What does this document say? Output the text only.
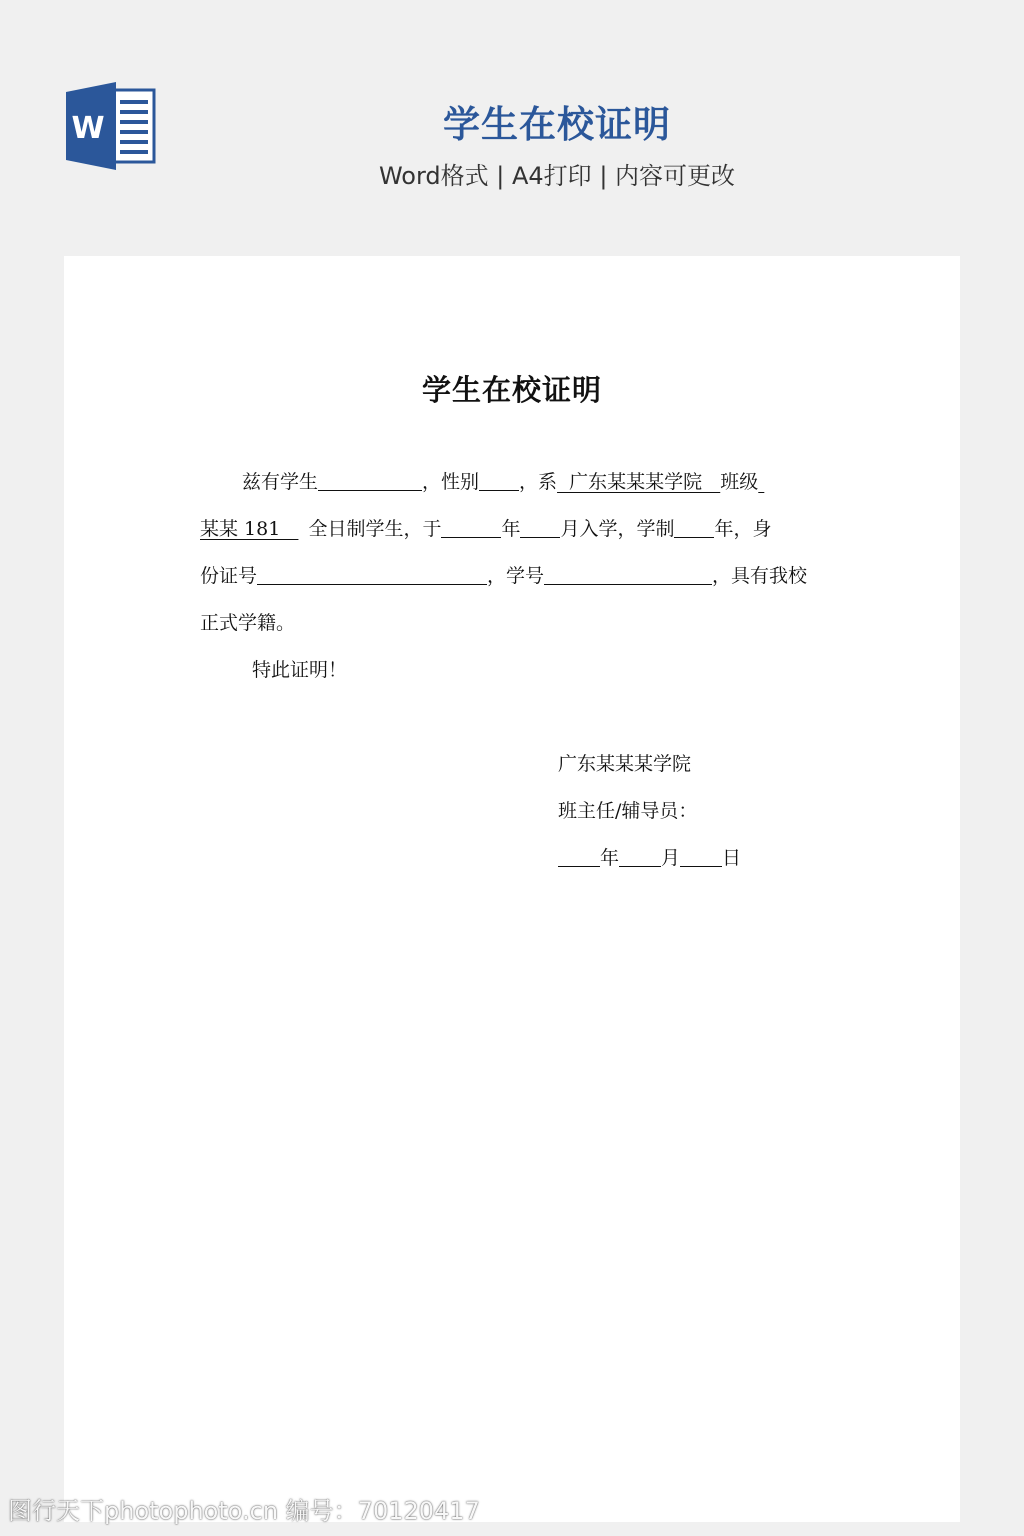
W	学生在校证明
Word格式 | A4打印 | 内容可更改
学生在校证明
兹有学生	，性别 ，系  广东某某某学院   班级
某某 181   全日制学生，于	年 月入学，学制 年，身
份证号	，学号	，具有我校
正式学籍。
特此证明！
广东某某某学院
班主任/辅导员：
年 月 日
图行天下photophoto.cn 编号：70120417
